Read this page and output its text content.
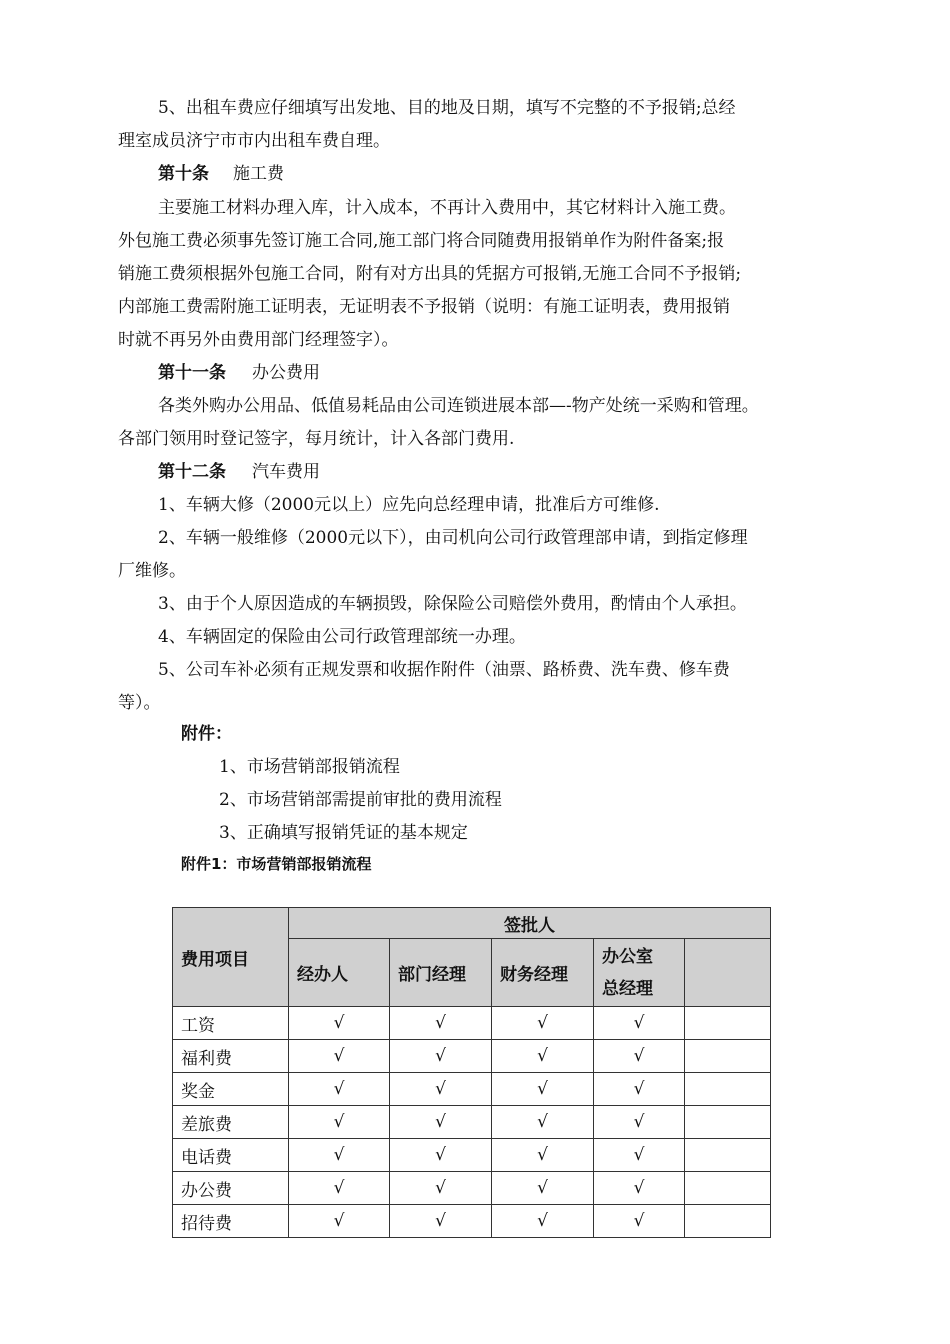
5、出租车费应仔细填写出发地、目的地及日期，填写不完整的不予报销;总经
理室成员济宁市市内出租车费自理。
第十条 施工费
主要施工材料办理入库，计入成本，不再计入费用中，其它材料计入施工费。
外包施工费必须事先签订施工合同,施工部门将合同随费用报销单作为附件备案;报
销施工费须根据外包施工合同，附有对方出具的凭据方可报销,无施工合同不予报销;
内部施工费需附施工证明表，无证明表不予报销（说明：有施工证明表，费用报销
时就不再另外由费用部门经理签字）。
第十一条 办公费用
各类外购办公用品、低值易耗品由公司连锁进展本部—-物产处统一采购和管理。
各部门领用时登记签字，每月统计，计入各部门费用.
第十二条 汽车费用
1、车辆大修（2000元以上）应先向总经理申请，批准后方可维修.
2、车辆一般维修（2000元以下），由司机向公司行政管理部申请，到指定修理
厂维修。
3、由于个人原因造成的车辆损毁，除保险公司赔偿外费用，酌情由个人承担。
4、车辆固定的保险由公司行政管理部统一办理。
5、公司车补必须有正规发票和收据作附件（油票、路桥费、洗车费、修车费
等）。
附件：
1、市场营销部报销流程
2、市场营销部需提前审批的费用流程
3、正确填写报销凭证的基本规定
附件1：市场营销部报销流程
费用项目	签批人				
	经办人	部门经理	财务经理	办公室
总经理	

工资	√	√	√	√	
福利费	√	√	√	√	
奖金	√	√	√	√	
差旅费	√	√	√	√	
电话费	√	√	√	√	
办公费	√	√	√	√	
招待费	√	√	√	√	
